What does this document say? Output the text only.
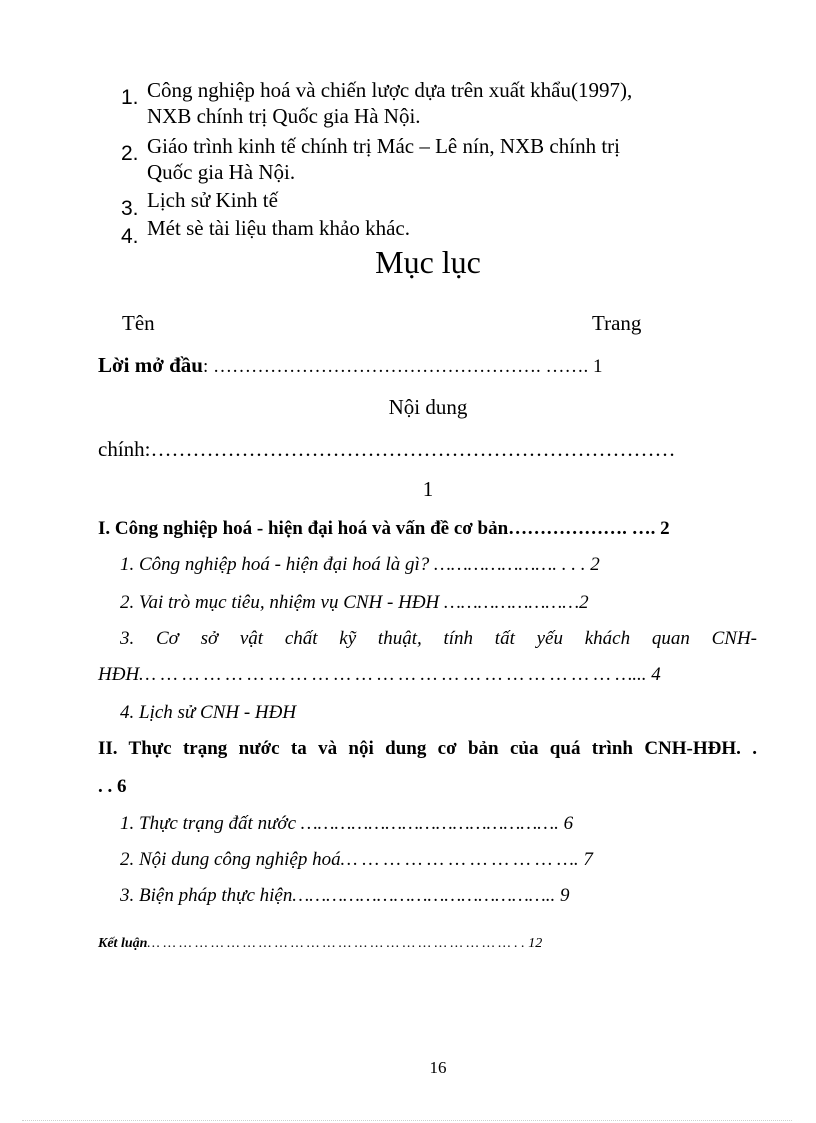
1. Công nghiệp hoá và chiến lược dựa trên xuất khẩu(1997),
NXB chính trị Quốc gia Hà Nội.
2. Giáo trình kinh tế chính trị Mác – Lê nín, NXB chính trị
Quốc gia Hà Nội.
3. Lịch sử Kinh tế
4. Mét sè tài liệu tham khảo khác.
Mục lục
Tên	Trang
Lời mở đầu: ……………………………………………. ……. 1
Nội dung
chính:…………………………………………………………………
1
I. Công nghiệp hoá - hiện đại hoá và vấn đề cơ bản………………. …. 2
1. Công nghiệp hoá - hiện đại hoá là gì? …………………. . . . 2
2. Vai trò mục tiêu, nhiệm vụ CNH - HĐH ……………………2
3. Cơ sở vật chất kỹ thuật, tính tất yếu khách quan CNH-
HĐH… … … … … … … … … … … … … … … … … … … … … … …... 4
4. Lịch sử CNH - HĐH
II. Thực trạng nước ta và nội dung cơ bản của quá trình CNH-HĐH. .
. . 6
1. Thực trạng đất nước ………………………………………. 6
2. Nội dung công nghiệp hoá… … … … … … … … … … …. 7
3. Biện pháp thực hiện……………………………………….. 9
Kết luận… … … … … … … … … … … … … … … … … … … … … … … . . 12
16
